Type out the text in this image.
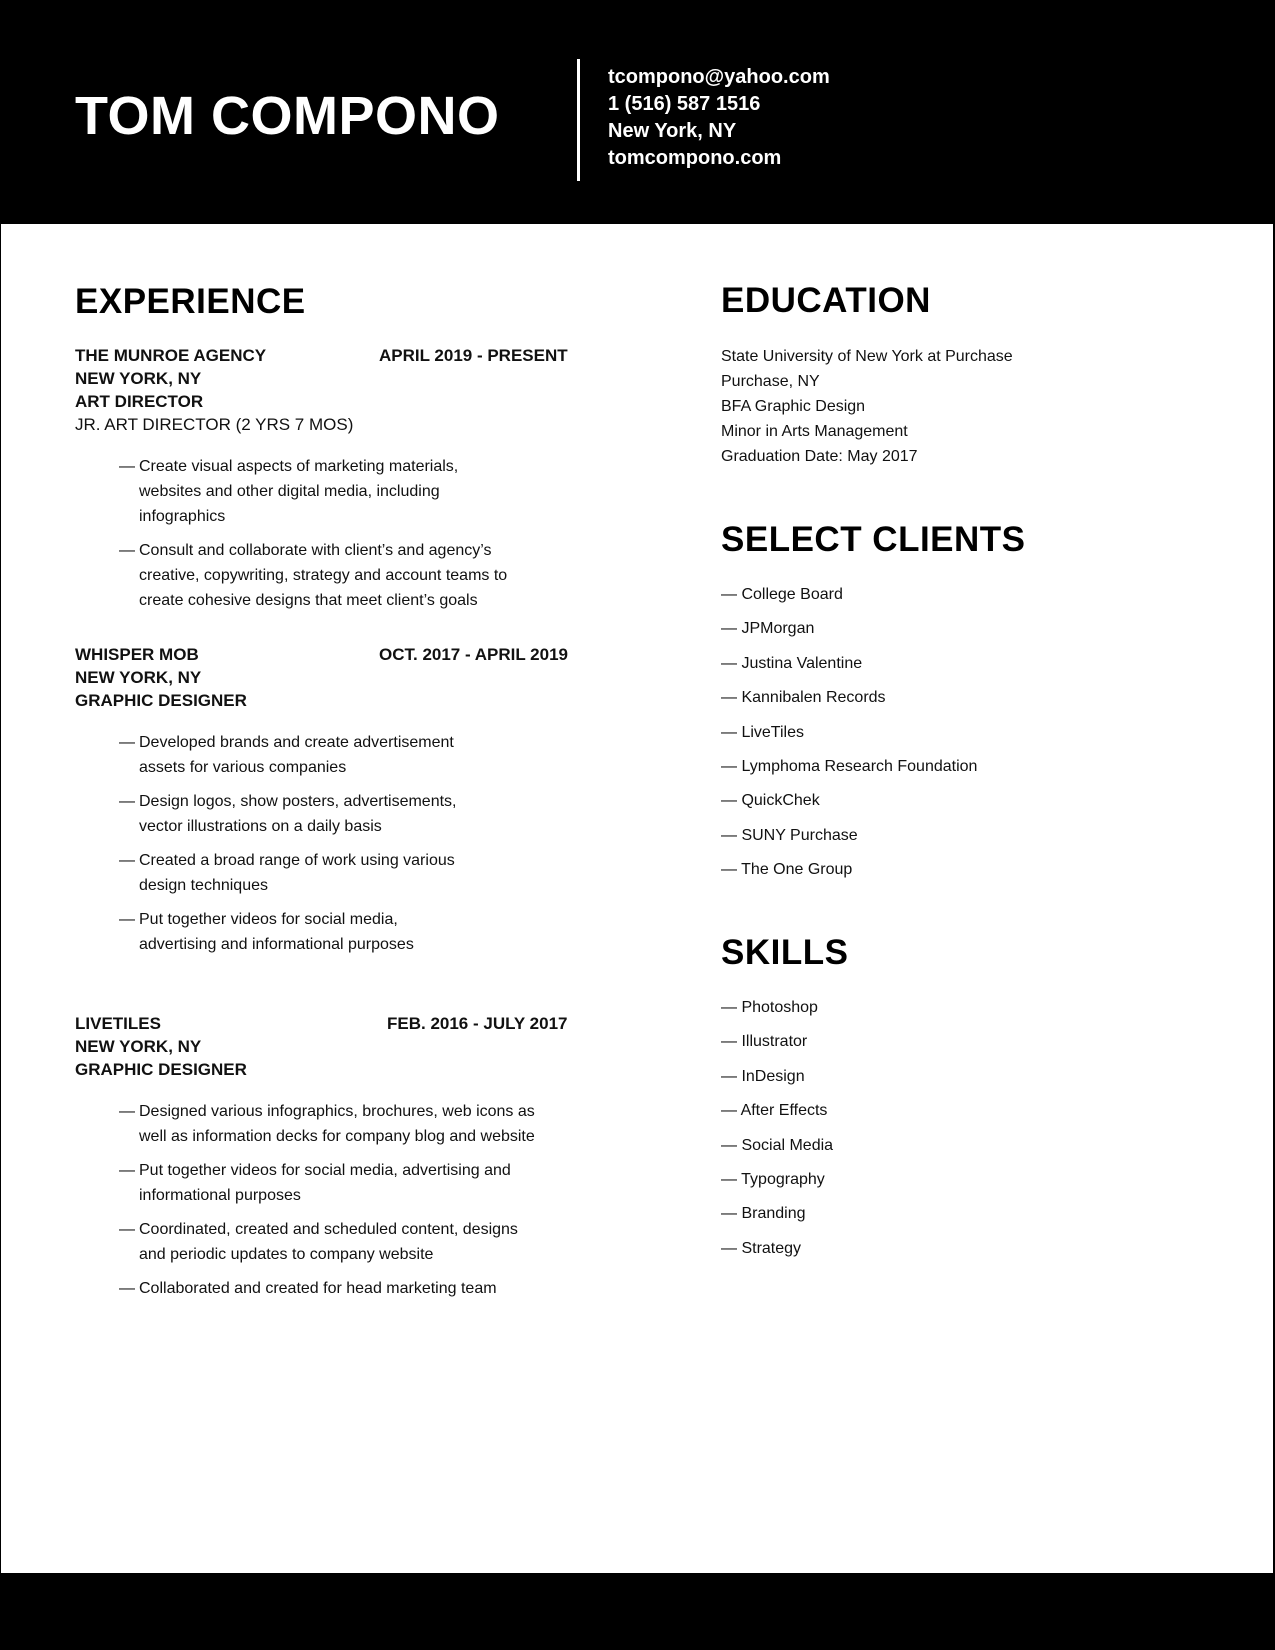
TOM COMPONO
tcompono@yahoo.com
1 (516) 587 1516
New York, NY
tomcompono.com
EXPERIENCE
THE MUNROE AGENCY	APRIL 2019 - PRESENT
NEW YORK, NY
ART DIRECTOR
JR. ART DIRECTOR (2 YRS 7 MOS)
— Create visual aspects of marketing materials, websites and other digital media, including infographics
— Consult and collaborate with client’s and agency’s creative, copywriting, strategy and account teams to create cohesive designs that meet client’s goals
WHISPER MOB	OCT. 2017 - APRIL 2019
NEW YORK, NY
GRAPHIC DESIGNER
— Developed brands and create advertisement assets for various companies
— Design logos, show posters, advertisements, vector illustrations on a daily basis
— Created a broad range of work using various design techniques
— Put together videos for social media, advertising and informational purposes
LIVETILES	FEB. 2016 - JULY 2017
NEW YORK, NY
GRAPHIC DESIGNER
— Designed various infographics, brochures, web icons as well as information decks for company blog and website
— Put together videos for social media, advertising and informational purposes
— Coordinated, created and scheduled content, designs and periodic updates to company website
— Collaborated and created for head marketing team
EDUCATION
State University of New York at Purchase
Purchase, NY
BFA Graphic Design
Minor in Arts Management
Graduation Date: May 2017
SELECT CLIENTS
— College Board
— JPMorgan
— Justina Valentine
— Kannibalen Records
— LiveTiles
— Lymphoma Research Foundation
— QuickChek
— SUNY Purchase
— The One Group
SKILLS
— Photoshop
— Illustrator
— InDesign
— After Effects
— Social Media
— Typography
— Branding
— Strategy
